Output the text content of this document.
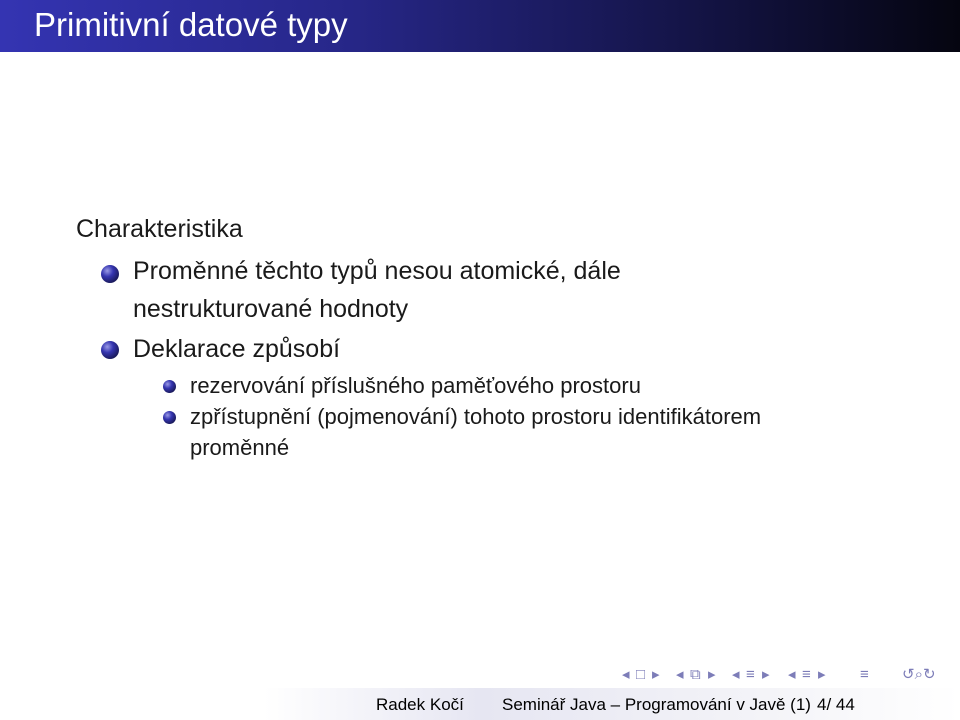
Primitivní datové typy
Charakteristika
Proměnné těchto typů nesou atomické, dále
nestrukturované hodnoty
Deklarace způsobí
rezervování příslušného paměťového prostoru
zpřístupnění (pojmenování) tohoto prostoru identifikátorem
proměnné
◂ □ ▸ ◂ ⧉ ▸ ◂ ≡ ▸ ◂ ≡ ▸ ≡ ↺⌕↻
Radek Kočí Seminář Java – Programování v Javě (1) 4/ 44
